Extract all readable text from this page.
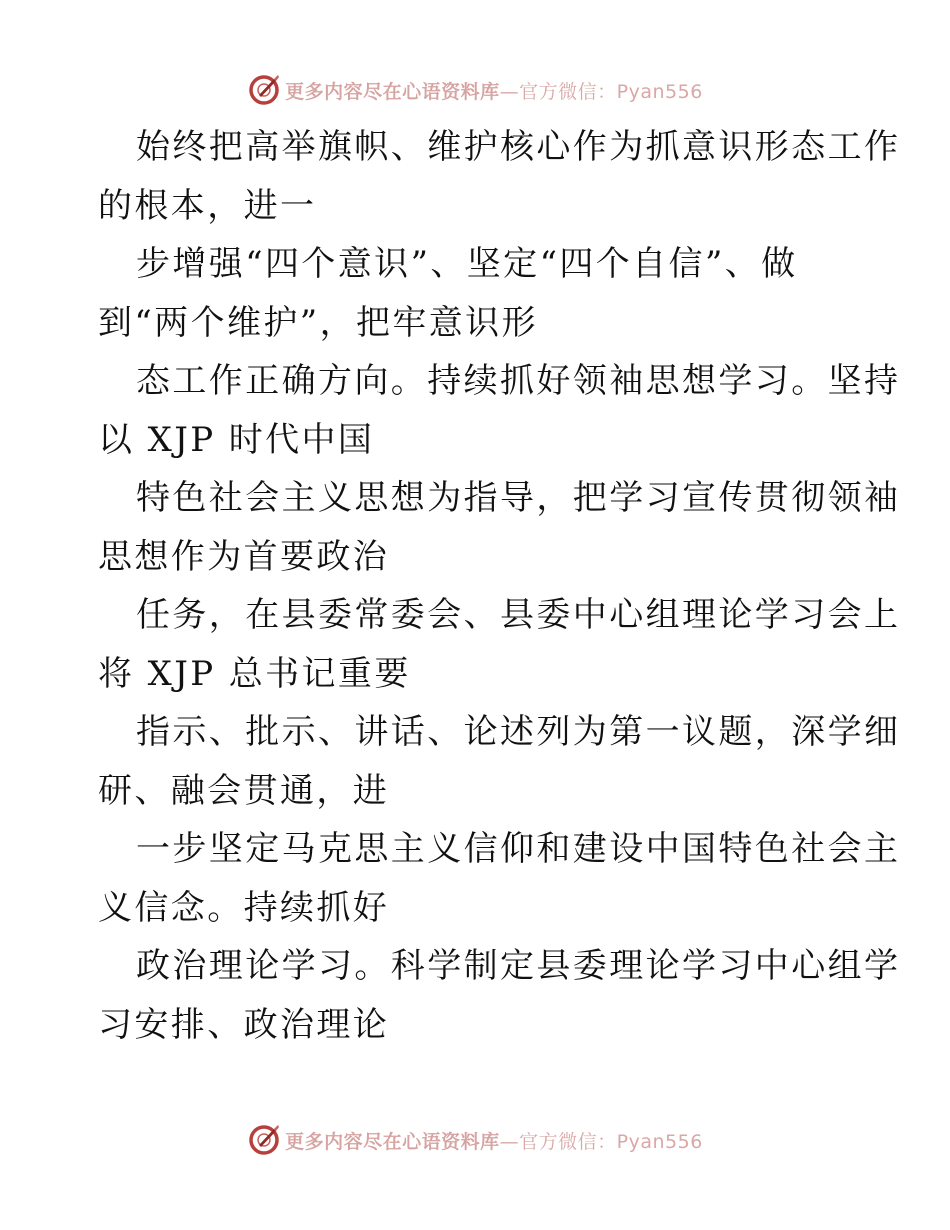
更多内容尽在心语资料库—官方微信：Pyan556
始终把高举旗帜、维护核心作为抓意识形态工作
的根本，进一
步增强“四个意识”、坚定“四个自信”、做
到“两个维护”，把牢意识形
态工作正确方向。持续抓好领袖思想学习。坚持
以 XJP 时代中国
特色社会主义思想为指导，把学习宣传贯彻领袖
思想作为首要政治
任务，在县委常委会、县委中心组理论学习会上
将 XJP 总书记重要
指示、批示、讲话、论述列为第一议题，深学细
研、融会贯通，进
一步坚定马克思主义信仰和建设中国特色社会主
义信念。持续抓好
政治理论学习。科学制定县委理论学习中心组学
习安排、政治理论
更多内容尽在心语资料库—官方微信：Pyan556
